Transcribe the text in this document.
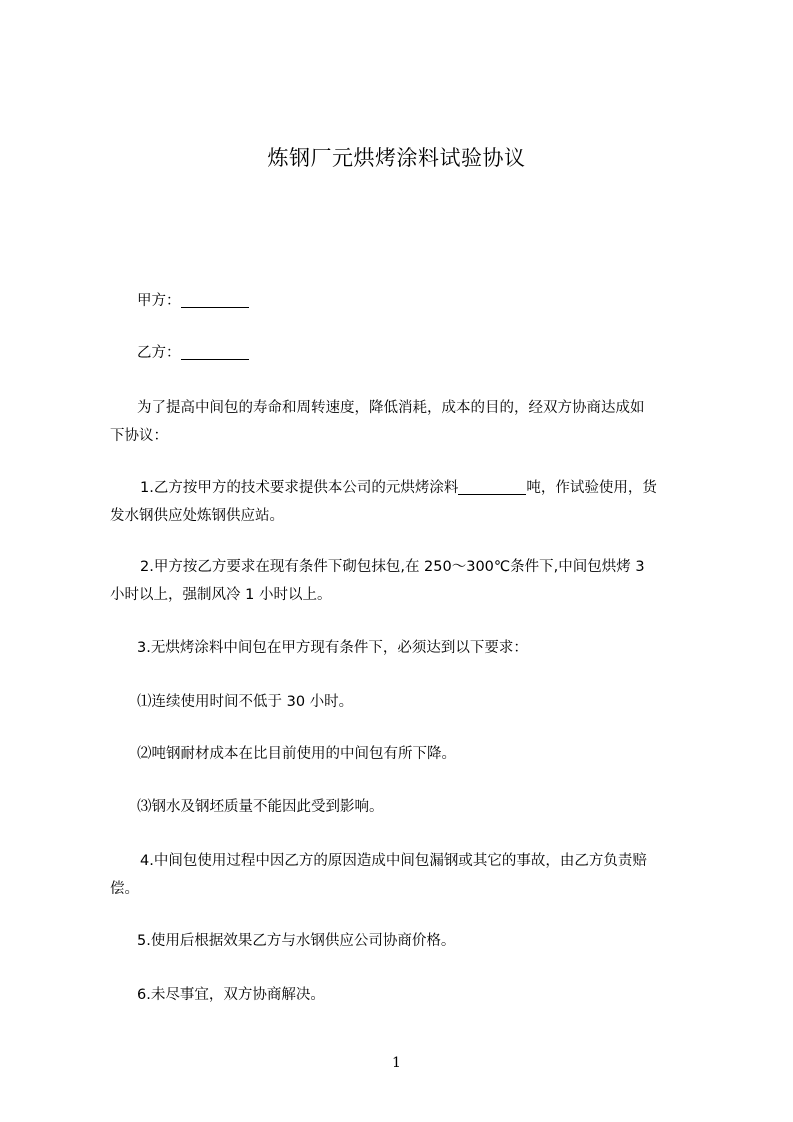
炼钢厂元烘烤涂料试验协议
甲方：
乙方：
为了提高中间包的寿命和周转速度，降低消耗，成本的目的，经双方协商达成如
下协议：
1.乙方按甲方的技术要求提供本公司的元烘烤涂料	吨，作试验使用，货
发水钢供应处炼钢供应站。
2.甲方按乙方要求在现有条件下砌包抹包,在 250～300℃条件下,中间包烘烤 3
小时以上，强制风冷 1 小时以上。
3.无烘烤涂料中间包在甲方现有条件下，必须达到以下要求：
⑴连续使用时间不低于 30 小时。
⑵吨钢耐材成本在比目前使用的中间包有所下降。
⑶钢水及钢坯质量不能因此受到影响。
4.中间包使用过程中因乙方的原因造成中间包漏钢或其它的事故，由乙方负责赔
偿。
5.使用后根据效果乙方与水钢供应公司协商价格。
6.未尽事宜，双方协商解决。
1
